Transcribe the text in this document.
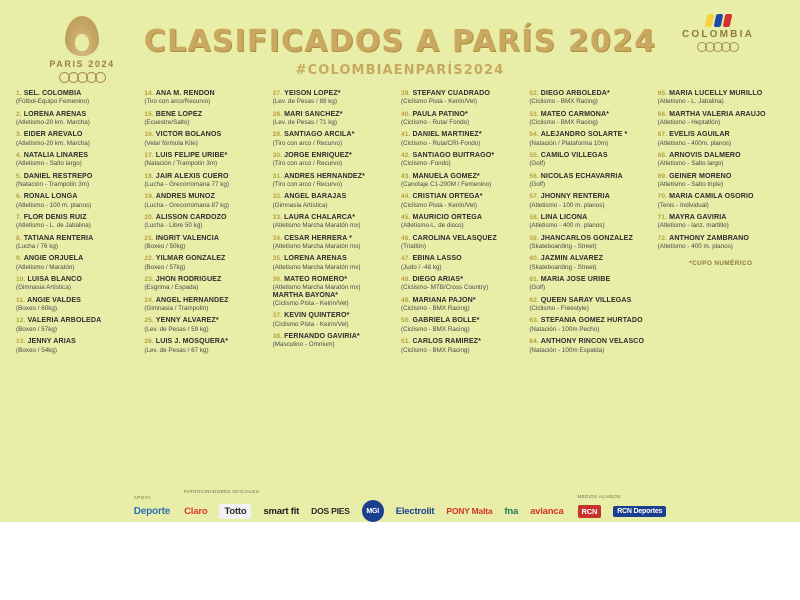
PARIS 2024
CLASIFICADOS A PARÍS 2024
#COLOMBIAENPARÍS2024
COLOMBIA
1. SEL. COLOMBIA
(Fútbol-Equipo Femenino)
2. LORENA ARENAS
(Atletismo-20 km. Marcha)
3. ÉIDER ARÉVALO
(Atletismo-20 km. Marcha)
4. NATALIA LINARES
(Atletismo - Salto largo)
5. DANIEL RESTREPO
(Natación - Trampolín 3m)
6. RONAL LONGA
(Atletismo - 100 m. planos)
7. FLOR DENIS RUIZ
(Atletismo - L. de Jabalina)
8. TATIANA RENTERÍA
(Lucha / 76 kg)
9. ANGIE ORJUELA
(Atletismo / Maratón)
10. LUISA BLANCO
(Gimnasia Artística)
11. ANGIE VALDÉS
(Boxeo / 60kg)
12. VALERIA ARBOLEDA
(Boxeo / 57kg)
13. JENNY ARIAS
(Boxeo / 54kg)
14. ANA M. RENDÓN
(Tiro con arco/Recurvo)
15. BENÉ LÓPEZ
(Ecuestre/Salto)
16. VÍCTOR BOLAÑOS
(Vela/ fórmula Kite)
17. LUIS FELIPE URIBE*
(Natación / Trampolín 3m)
18. JAIR ALEXIS CUERO
(Lucha - Grecorromana 77 kg)
19. ANDRÉS MUÑOZ
(Lucha - Grecorromana 87 kg)
20. ALISSON CARDOZO
(Lucha - Libre 50 kg)
21. INGRIT VALENCIA
(Boxeo / 50kg)
22. YILMAR GONZÁLEZ
(Boxeo / 57kg)
23. JHON RODRÍGUEZ
(Esgrima / Espada)
24. ÁNGEL HERNÁNDEZ
(Gimnasia / Trampolín)
25. YENNY ÁLVAREZ*
(Lev. de Pesas / 59 kg)
26. LUIS J. MOSQUERA*
(Lev. de Pesas / 67 kg)
27. YEISON LÓPEZ*
(Lev. de Pesas / 89 kg)
28. MARI SÁNCHEZ*
(Lev. de Pesas / 71 kg)
29. SANTIAGO ARCILA*
(Tiro con arco / Recurvo)
30. JORGE ENRIQUEZ*
(Tiro con arco / Recurvo)
31. ANDRÉS HERNÁNDEZ*
(Tiro con arco / Recurvo)
32. ÁNGEL BARAJAS
(Gimnasia Artística)
33. LAURA CHALARCA*
(Atletismo Marcha Maratón mx)
34. CÉSAR HERRERA *
(Atletismo Marcha Maratón mx)
35. LORENA ARENAS
(Atletismo Marcha Maratón mx)
36. MATEO ROMERO*
(Atletismo Marcha Maratón mx)
MARTHA BAYONA*
(Ciclismo Pista - Keirin/Vel)
37. KEVIN QUINTERO*
(Ciclismo Pista - Keirin/Vel)
38. FERNANDO GAVIRIA*
(Masculino - Omnium)
39. STEFANY CUADRADO
(Ciclismo Pista - Keirin/Vel)
40. PAULA PATIÑO*
(Ciclismo - Ruta/ Fondo)
41. DANIEL MARTÍNEZ*
(Ciclismo - Ruta/CRI-Fondo)
42. SANTIAGO BUITRAGO*
(Ciclismo -Fondo)
43. MANUELA GÓMEZ*
(Canotaje C1-200M / Femenino)
44. CRISTIAN ORTEGA*
(Ciclismo Pista - Keirin/Vel)
45. MAURICIO ORTEGA
(Atletismo-L. de disco)
46. CAROLINA VELÁSQUEZ
(Triatlón)
47. EBINA LASSO
(Judo / -48 kg)
48. DIEGO ARIAS*
(Ciclismo- MTB/Cross Country)
49. MARIANA PAJÓN*
(Ciclismo - BMX Racing)
50. GABRIELA BOLLE*
(Ciclismo - BMX Racing)
51. CARLOS RAMÍREZ*
(Ciclismo - BMX Racing)
52. DIEGO ARBOLEDA*
(Ciclismo - BMX Racing)
53. MATEO CARMONA*
(Ciclismo - BMX Racing)
54. ALEJANDRO SOLARTE *
(Natación / Plataforma 10m)
55. CAMILO VILLEGAS
(Golf)
56. NICOLÁS ECHAVARRÍA
(Golf)
57. JHONNY RENTERÍA
(Atletismo - 100 m. planos)
58. LINA LICONA
(Atletismo - 400 m. planos)
59. JHANCARLOS GONZÁLEZ
(Skateboarding - Street)
60. JAZMÍN ÁLVAREZ
(Skateboarding - Street)
61. MARÍA JOSÉ URIBE
(Golf)
62. QUEEN SARAY VILLEGAS
(Ciclismo - Freestyle)
63. STEFANÍA GÓMEZ HURTADO
(Natación - 100m Pecho)
64. ANTHONY RINCÓN VELASCO
(Natación - 100m Espalda)
65. MARÍA LUCELLY MURILLO
(Atletismo - L. Jabalina)
66. MARTHA VALERIA ARAUJO
(Atletismo - Heptatlón)
67. EVELIS AGUILAR
(Atletismo - 400m. planos)
68. ARNOVIS DALMERO
(Atletismo - Salto largo)
69. GEINER MORENO
(Atletismo - Salto triple)
70. MARÍA CAMILA OSORIO
(Tenis - Individual)
71. MAYRA GAVIRIA
(Atletismo - lanz. martillo)
72. ANTHONY ZAMBRANO
(Atletismo - 400 m. planos)
*CUPO NUMÉRICO
APOYA
Deporte
PATROCINADORES OFICIALES
Claro	Totto	smart fit DOS PIES	MGI	Electrolit PONY Malta fna avianca
MEDIOS ALIADOS
RCN	RCN Deportes
